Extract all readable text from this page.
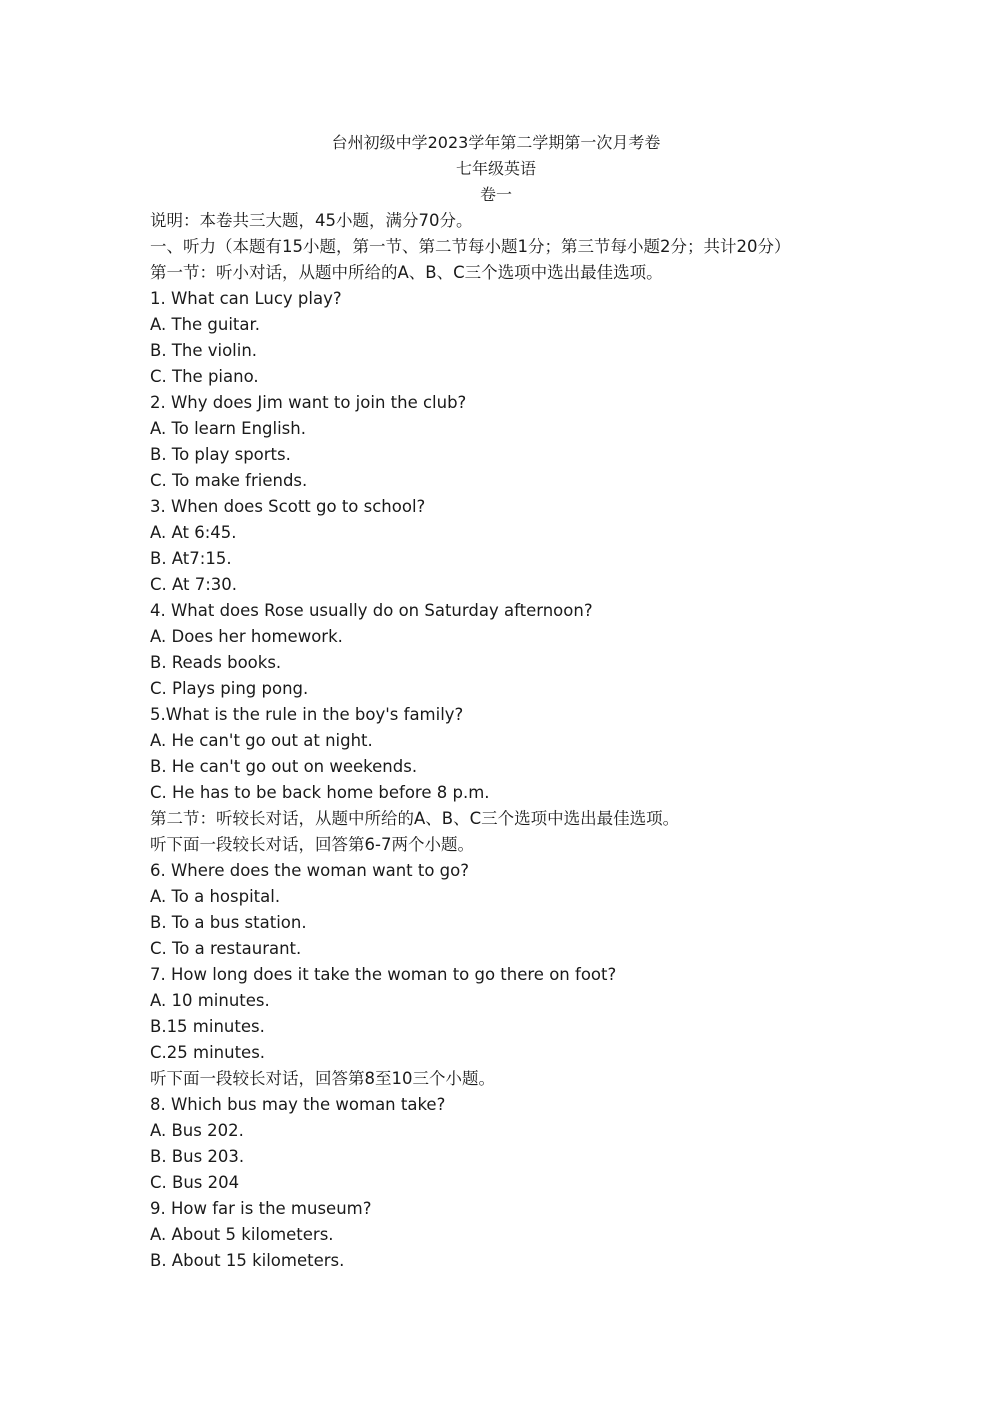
台州初级中学2023学年第二学期第一次月考卷
七年级英语
卷一
说明：本卷共三大题，45小题，满分70分。
一、听力（本题有15小题，第一节、第二节每小题1分；第三节每小题2分；共计20分）
第一节：听小对话，从题中所给的A、B、C三个选项中选出最佳选项。
1. What can Lucy play?
A. The guitar.
B. The violin.
C. The piano.
2. Why does Jim want to join the club?
A. To learn English.
B. To play sports.
C. To make friends.
3. When does Scott go to school?
A. At 6:45.
B. At7:15.
C. At 7:30.
4. What does Rose usually do on Saturday afternoon?
A. Does her homework.
B. Reads books.
C. Plays ping pong.
5.What is the rule in the boy's family?
A. He can't go out at night.
B. He can't go out on weekends.
C. He has to be back home before 8 p.m.
第二节：听较长对话，从题中所给的A、B、C三个选项中选出最佳选项。
听下面一段较长对话，回答第6-7两个小题。
6. Where does the woman want to go?
A. To a hospital.
B. To a bus station.
C. To a restaurant.
7. How long does it take the woman to go there on foot?
A. 10 minutes.
B.15 minutes.
C.25 minutes.
听下面一段较长对话，回答第8至10三个小题。
8. Which bus may the woman take?
A. Bus 202.
B. Bus 203.
C. Bus 204
9. How far is the museum?
A. About 5 kilometers.
B. About 15 kilometers.
